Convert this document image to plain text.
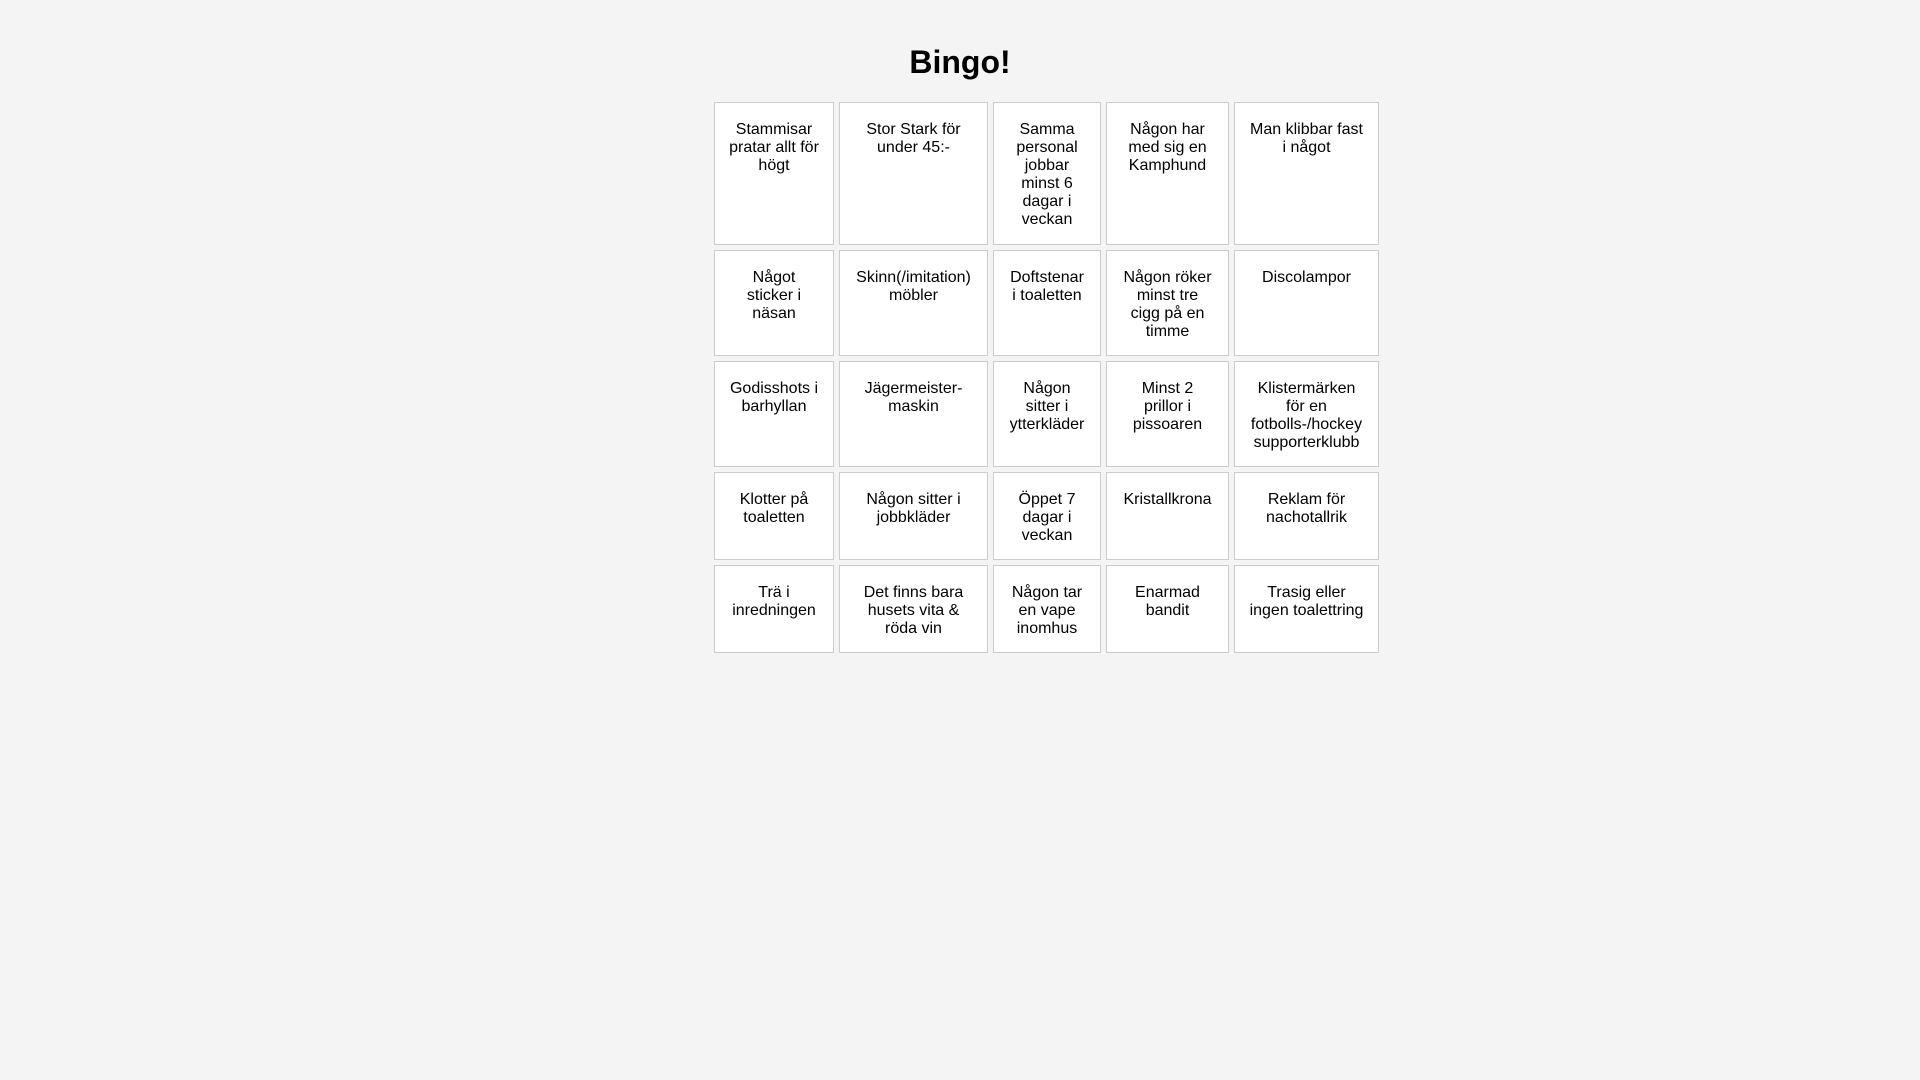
Bingo!
Stammisar pratar allt för högt	Stor Stark för under 45:-	Samma personal jobbar minst 6 dagar i veckan	Någon har med sig en Kamphund	Man klibbar fast i något
Något sticker i näsan	Skinn(/imitation) möbler	Doftstenar i toaletten	Någon röker minst tre cigg på en timme	Discolampor
Godisshots i barhyllan	Jägermeister-maskin	Någon sitter i ytterkläder	Minst 2 prillor i pissoaren	Klistermärken för en fotbolls-/hockey supporterklubb
Klotter på toaletten	Någon sitter i jobbkläder	Öppet 7 dagar i veckan	Kristallkrona	Reklam för nachotallrik
Trä i inredningen	Det finns bara husets vita & röda vin	Någon tar en vape inomhus	Enarmad bandit	Trasig eller ingen toalettring
